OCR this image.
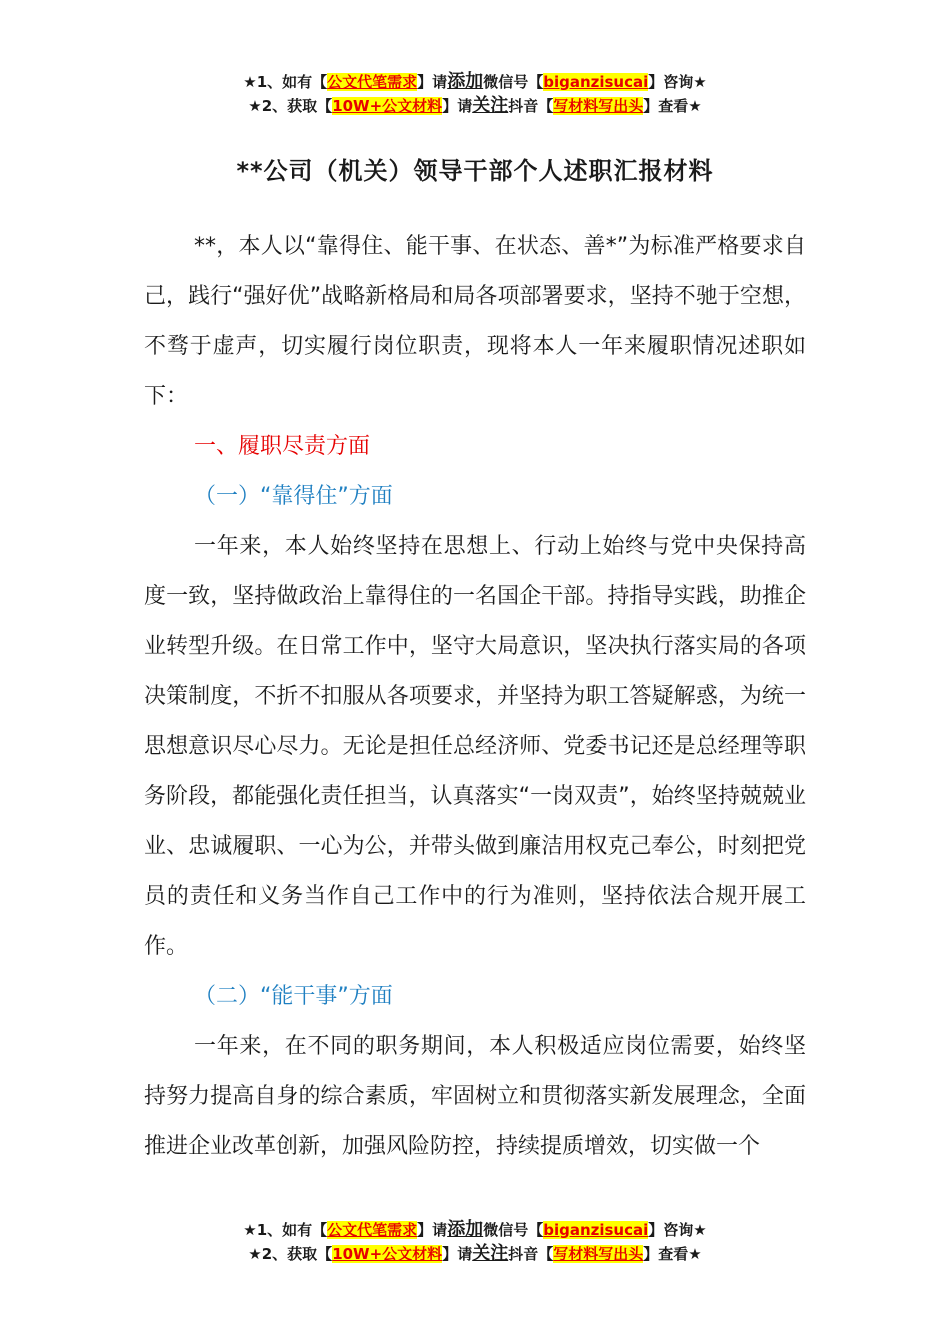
★1、如有【公文代笔需求】请添加微信号【biganzisucai】咨询★
★2、获取【10W+公文材料】请关注抖音【写材料写出头】查看★
**公司（机关）领导干部个人述职汇报材料

**，本人以“靠得住、能干事、在状态、善*”为标准严格要求自己，践行“强好优”战略新格局和局各项部署要求，坚持不驰于空想，不骛于虚声，切实履行岗位职责，现将本人一年来履职情况述职如下：

一、履职尽责方面

（一）“靠得住”方面

一年来，本人始终坚持在思想上、行动上始终与党中央保持高度一致，坚持做政治上靠得住的一名国企干部。持指导实践，助推企业转型升级。在日常工作中，坚守大局意识，坚决执行落实局的各项决策制度，不折不扣服从各项要求，并坚持为职工答疑解惑，为统一思想意识尽心尽力。无论是担任总经济师、党委书记还是总经理等职务阶段，都能强化责任担当，认真落实“一岗双责”，始终坚持兢兢业业、忠诚履职、一心为公，并带头做到廉洁用权克己奉公，时刻把党员的责任和义务当作自己工作中的行为准则，坚持依法合规开展工作。

（二）“能干事”方面

一年来，在不同的职务期间，本人积极适应岗位需要，始终坚持努力提高自身的综合素质，牢固树立和贯彻落实新发展理念，全面推进企业改革创新，加强风险防控，持续提质增效，切实做一个

★1、如有【公文代笔需求】请添加微信号【biganzisucai】咨询★
★2、获取【10W+公文材料】请关注抖音【写材料写出头】查看★
